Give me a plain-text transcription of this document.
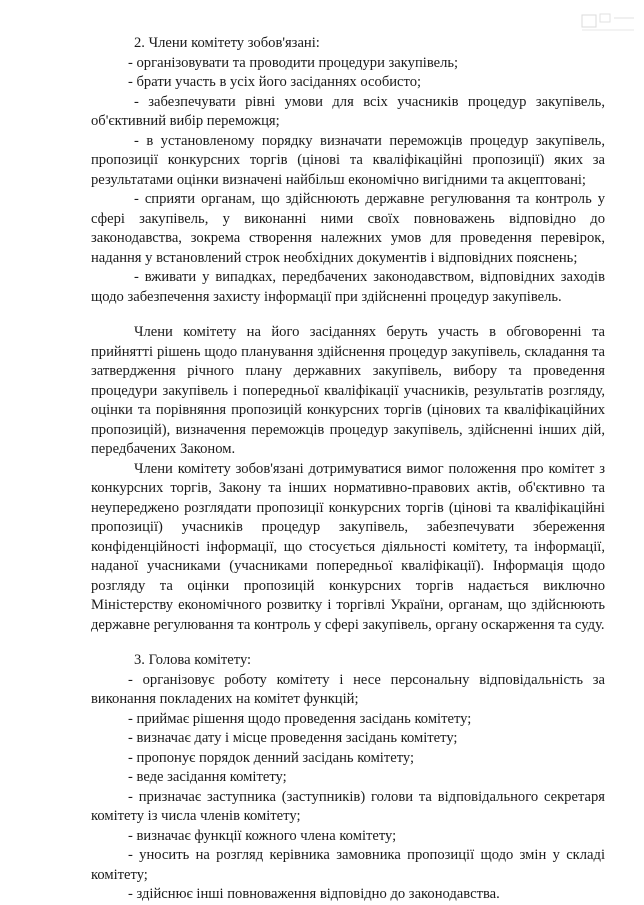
2. Члени комітету зобов'язані:

- організовувати та проводити процедури закупівель;

- брати участь в усіх його засіданнях особисто;

- забезпечувати рівні умови для всіх учасників процедур закупівель, об'єктивний вибір переможця;

- в установленому порядку визначати переможців процедур закупівель, пропозиції конкурсних торгів (цінові та кваліфікаційні пропозиції) яких за результатами оцінки визначені найбільш економічно вигідними та акцептовані;

- сприяти органам, що здійснюють державне регулювання та контроль у сфері закупівель, у виконанні ними своїх повноважень відповідно до законодавства, зокрема створення належних умов для проведення перевірок, надання у встановлений строк необхідних документів і відповідних пояснень;

- вживати у випадках, передбачених законодавством, відповідних заходів щодо забезпечення захисту інформації при здійсненні процедур закупівель.

Члени комітету на його засіданнях беруть участь в обговоренні та прийнятті рішень щодо планування здійснення процедур закупівель, складання та затвердження річного плану державних закупівель, вибору та проведення процедури закупівель і попередньої кваліфікації учасників, результатів розгляду, оцінки та порівняння пропозицій конкурсних торгів (цінових та кваліфікаційних пропозицій), визначення переможців процедур закупівель, здійсненні інших дій, передбачених Законом.

Члени комітету зобов'язані дотримуватися вимог положення про комітет з конкурсних торгів, Закону та інших нормативно-правових актів, об'єктивно та неупереджено розглядати пропозиції конкурсних торгів (цінові та кваліфікаційні пропозиції) учасників процедур закупівель, забезпечувати збереження конфіденційності інформації, що стосується діяльності комітету, та інформації, наданої учасниками (учасниками попередньої кваліфікації). Інформація щодо розгляду та оцінки пропозицій конкурсних торгів надається виключно Міністерству економічного розвитку і торгівлі України, органам, що здійснюють державне регулювання та контроль у сфері закупівель, органу оскарження та суду.

3. Голова комітету:

- організовує роботу комітету і несе персональну відповідальність за виконання покладених на комітет функцій;

- приймає рішення щодо проведення засідань комітету;

- визначає дату і місце проведення засідань комітету;

- пропонує порядок денний засідань комітету;

- веде засідання комітету;

- призначає заступника (заступників) голови та відповідального секретаря комітету із числа членів комітету;

- визначає функції кожного члена комітету;

- уносить на розгляд керівника замовника пропозиції щодо змін у складі комітету;

- здійснює інші повноваження відповідно до законодавства.
